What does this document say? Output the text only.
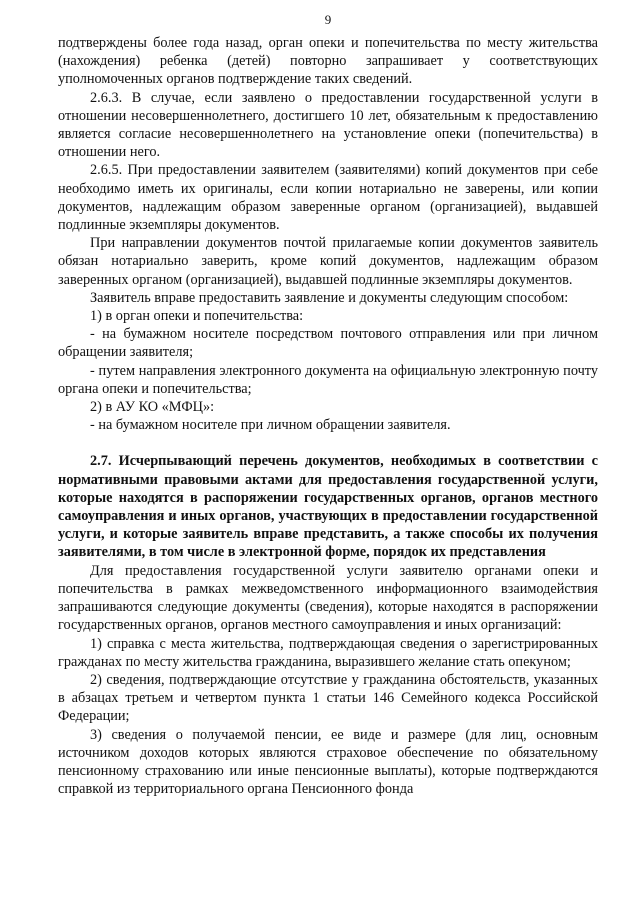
9

подтверждены более года назад, орган опеки и попечительства по месту жительства (нахождения) ребенка (детей) повторно запрашивает у соответствующих уполномоченных органов подтверждение таких сведений.

2.6.3. В случае, если заявлено о предоставлении государственной услуги в отношении несовершеннолетнего, достигшего 10 лет, обязательным к предоставлению является согласие несовершеннолетнего на установление опеки (попечительства) в отношении него.

2.6.5. При предоставлении заявителем (заявителями) копий документов при себе необходимо иметь их оригиналы, если копии нотариально не заверены, или копии документов, надлежащим образом заверенные органом (организацией), выдавшей подлинные экземпляры документов.

При направлении документов почтой прилагаемые копии документов заявитель обязан нотариально заверить, кроме копий документов, надлежащим образом заверенных органом (организацией), выдавшей подлинные экземпляры документов.

Заявитель вправе предоставить заявление и документы следующим способом:

1) в орган опеки и попечительства:

- на бумажном носителе посредством почтового отправления или при личном обращении заявителя;

- путем направления электронного документа на официальную электронную почту органа опеки и попечительства;

2) в АУ КО «МФЦ»:

- на бумажном носителе при личном обращении заявителя.

2.7. Исчерпывающий перечень документов, необходимых в соответствии с нормативными правовыми актами для предоставления государственной услуги, которые находятся в распоряжении государственных органов, органов местного самоуправления и иных органов, участвующих в предоставлении государственной услуги, и которые заявитель вправе представить, а также способы их получения заявителями, в том числе в электронной форме, порядок их представления

Для предоставления государственной услуги заявителю органами опеки и попечительства в рамках межведомственного информационного взаимодействия запрашиваются следующие документы (сведения), которые находятся в распоряжении государственных органов, органов местного самоуправления и иных организаций:

1) справка с места жительства, подтверждающая сведения о зарегистрированных гражданах по месту жительства гражданина, выразившего желание стать опекуном;

2) сведения, подтверждающие отсутствие у гражданина обстоятельств, указанных в абзацах третьем и четвертом пункта 1 статьи 146 Семейного кодекса Российской Федерации;

3) сведения о получаемой пенсии, ее виде и размере (для лиц, основным источником доходов которых являются страховое обеспечение по обязательному пенсионному страхованию или иные пенсионные выплаты), которые подтверждаются справкой из территориального органа Пенсионного фонда
